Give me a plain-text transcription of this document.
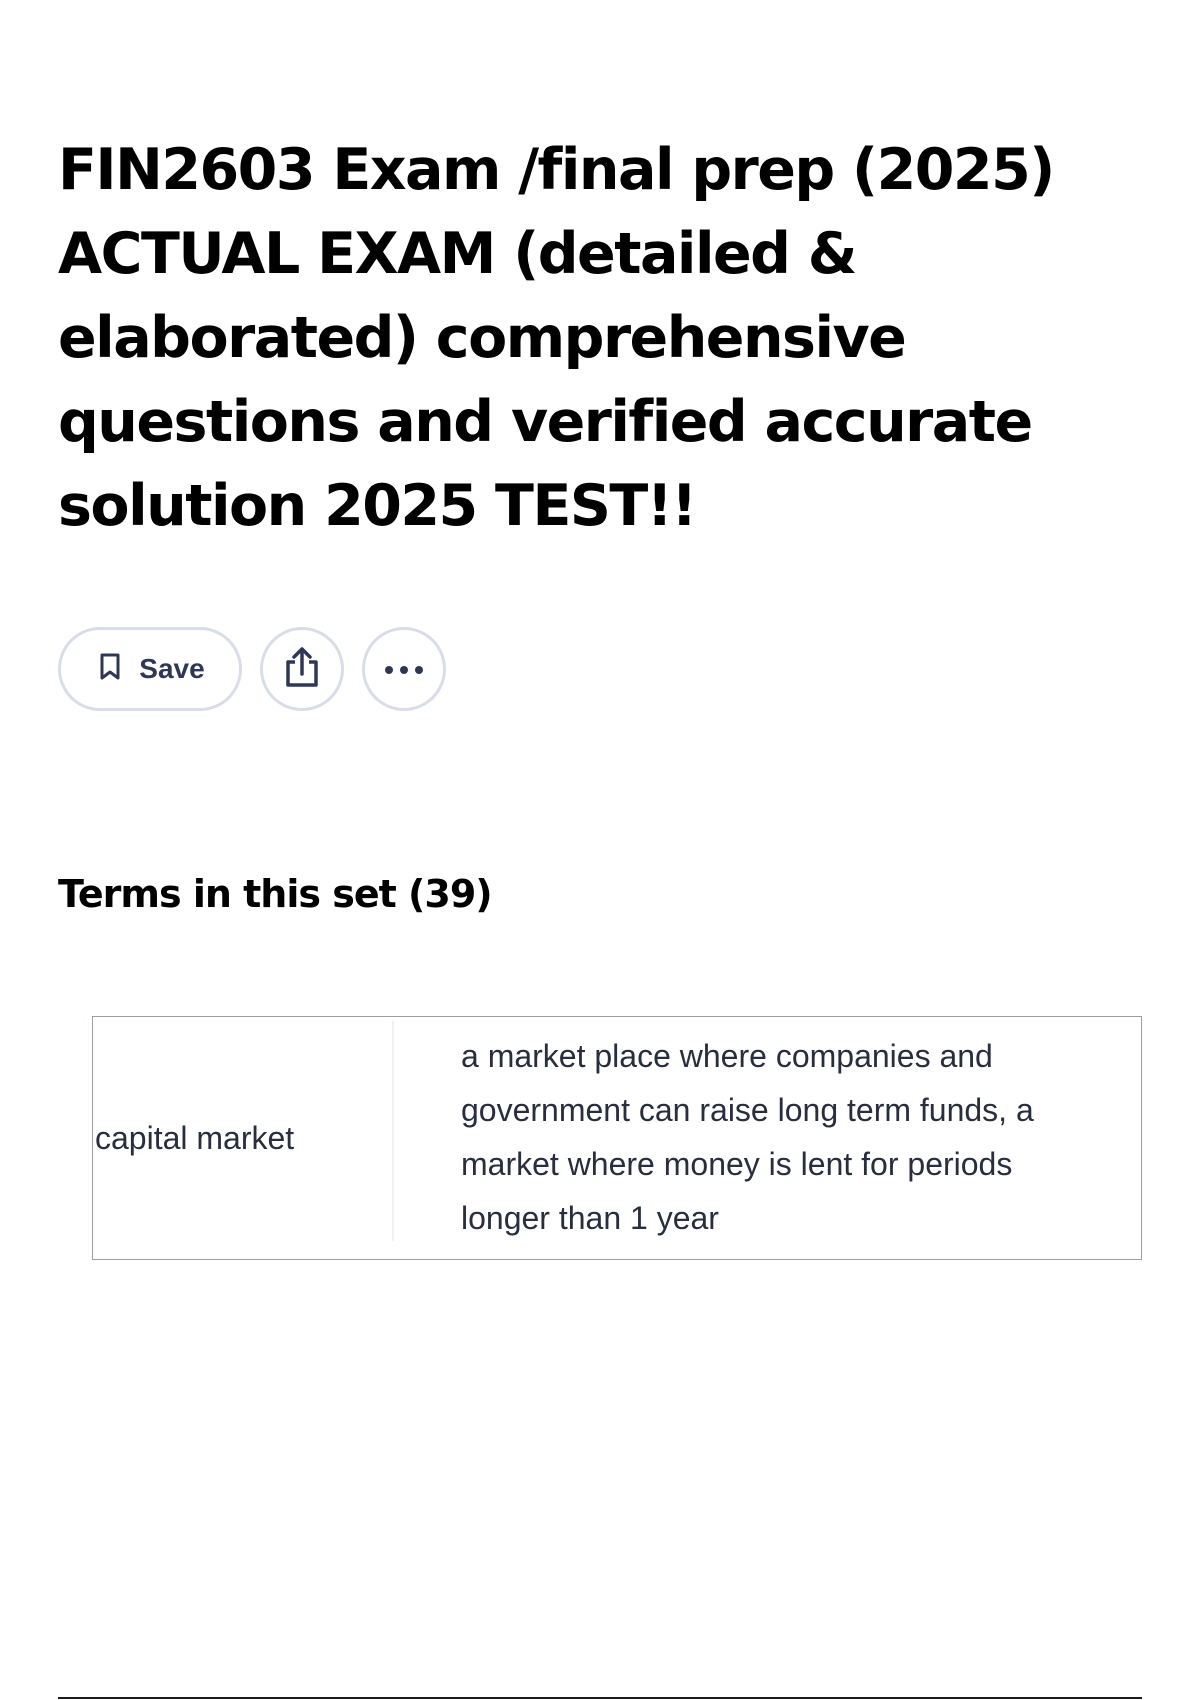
FIN2603 Exam /final prep (2025) ACTUAL EXAM (detailed & elaborated) comprehensive questions and verified accurate solution 2025 TEST!!
Save
Terms in this set (39)
capital market
a market place where companies and government can raise long term funds, a market where money is lent for periods longer than 1 year
